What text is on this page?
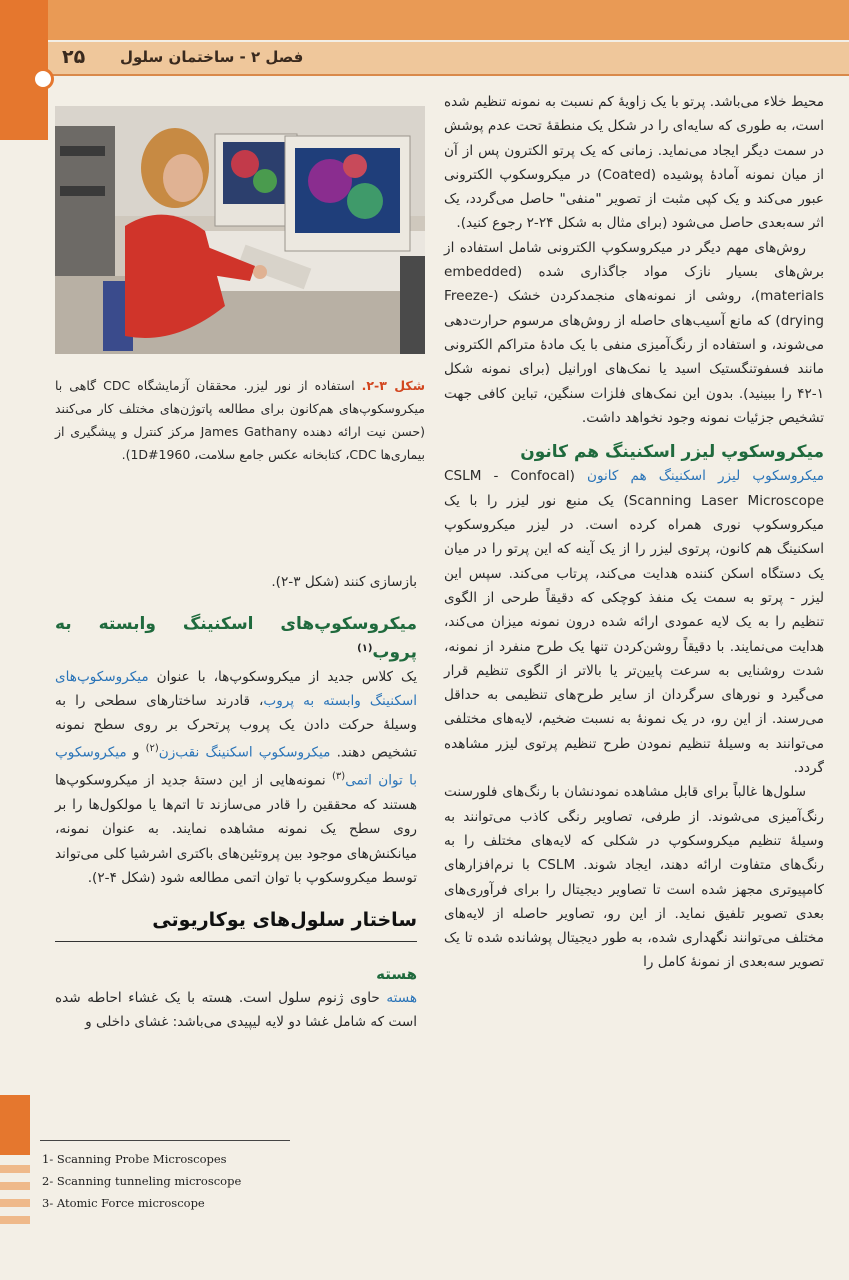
۲۵ فصل ۲ - ساختمان سلول
شکل ۳-۲. استفاده از نور لیزر. محققان آزمایشگاه CDC گاهی با میکروسکوپ‌های هم‌کانون برای مطالعه پاتوژن‌های مختلف کار می‌کنند (حسن نیت ارائه دهنده James Gathany مرکز کنترل و پیشگیری از بیماری‌ها CDC، کتابخانه عکس جامع سلامت، 1D#1960).

محیط خلاء می‌باشد. پرتو با یک زاویهٔ کم نسبت به نمونه تنظیم شده است، به طوری که سایه‌ای را در شکل یک منطقهٔ تحت عدم پوشش در سمت دیگر ایجاد می‌نماید. زمانی که یک پرتو الکترون پس از آن از میان نمونه آمادهٔ پوشیده (Coated) در میکروسکوپ الکترونی عبور می‌کند و یک کپی مثبت از تصویر "منفی" حاصل می‌گردد، یک اثر سه‌بعدی حاصل می‌شود (برای مثال به شکل ۲۴-۲ رجوع کنید).

روش‌های مهم دیگر در میکروسکوپ الکترونی شامل استفاده از برش‌های بسیار نازک مواد جاگذاری شده (embedded materials)، روشی از نمونه‌های منجمدکردن خشک (Freeze-drying) که مانع آسیب‌های حاصله از روش‌های مرسوم حرارت‌دهی می‌شوند، و استفاده از رنگ‌آمیزی منفی با یک مادهٔ متراکم الکترونی مانند فسفوتنگستیک اسید یا نمک‌های اورانیل (برای نمونه شکل ۱-۴۲ را ببینید). بدون این نمک‌های فلزات سنگین، تباین کافی جهت تشخیص جزئیات نمونه وجود نخواهد داشت.

میکروسکوپ لیزر اسکنینگ هم کانون

میکروسکوپ لیزر اسکنینگ هم کانون (CSLM - Confocal Scanning Laser Microscope) یک منبع نور لیزر را با یک میکروسکوپ نوری همراه کرده است. در لیزر میکروسکوپ اسکنینگ هم کانون، پرتوی لیزر را از یک آینه که این پرتو را در میان یک دستگاه اسکن کننده هدایت می‌کند، پرتاب می‌کند. سپس این لیزر - پرتو به سمت یک منفذ کوچکی که دقیقاً طرحی از الگوی تنظیم را به یک لایه عمودی ارائه شده درون نمونه میزان می‌کند، هدایت می‌نمایند. با دقیقاً روشن‌کردن تنها یک طرح منفرد از نمونه، شدت روشنایی به سرعت پایین‌تر یا بالاتر از الگوی تنظیم قرار می‌گیرد و نورهای سرگردان از سایر طرح‌های تنظیمی به حداقل می‌رسند. از این رو، در یک نمونهٔ به نسبت ضخیم، لایه‌های مختلفی می‌توانند به وسیلهٔ تنظیم نمودن طرح تنظیم پرتوی لیزر مشاهده گردد.

سلول‌ها غالباً برای قابل مشاهده نمودنشان با رنگ‌های فلورسنت رنگ‌آمیزی می‌شوند. از طرفی، تصاویر رنگی کاذب می‌توانند به وسیلهٔ تنظیم میکروسکوپ در شکلی که لایه‌های مختلف را به رنگ‌های متفاوت ارائه دهند، ایجاد شوند. CSLM با نرم‌افزارهای کامپیوتری مجهز شده است تا تصاویر دیجیتال را برای فرآوری‌های بعدی تصویر تلفیق نماید. از این رو، تصاویر حاصله از لایه‌های مختلف می‌توانند نگهداری شده، به طور دیجیتال پوشانده شده تا یک تصویر سه‌بعدی از نمونهٔ کامل را

بازسازی کنند (شکل ۳-۲).

میکروسکوپ‌های اسکنینگ وابسته به پروب$^{(۱)}$

یک کلاس جدید از میکروسکوپ‌ها، با عنوان میکروسکوپ‌های اسکنینگ وابسته به پروب، قادرند ساختارهای سطحی را به وسیلهٔ حرکت دادن یک پروب پرتحرک بر روی سطح نمونه تشخیص دهند. میکروسکوپ اسکنینگ نقب‌زن$^{(۲)}$ و میکروسکوپ با توان اتمی$^{(۳)}$ نمونه‌هایی از این دستهٔ جدید از میکروسکوپ‌ها هستند که محققین را قادر می‌سازند تا اتم‌ها یا مولکول‌ها را بر روی سطح یک نمونه مشاهده نمایند. به عنوان نمونه، میانکنش‌های موجود بین پروتئین‌های باکتری اشرشیا کلی می‌تواند توسط میکروسکوپ با توان اتمی مطالعه شود (شکل ۴-۲).

ساختار سلول‌های یوکاریوتی
هسته

هسته حاوی ژنوم سلول است. هسته با یک غشاء احاطه شده است که شامل غشا دو لایه لیپیدی می‌باشد: غشای داخلی و

1- Scanning Probe Microscopes
2- Scanning tunneling microscope
3- Atomic Force microscope
